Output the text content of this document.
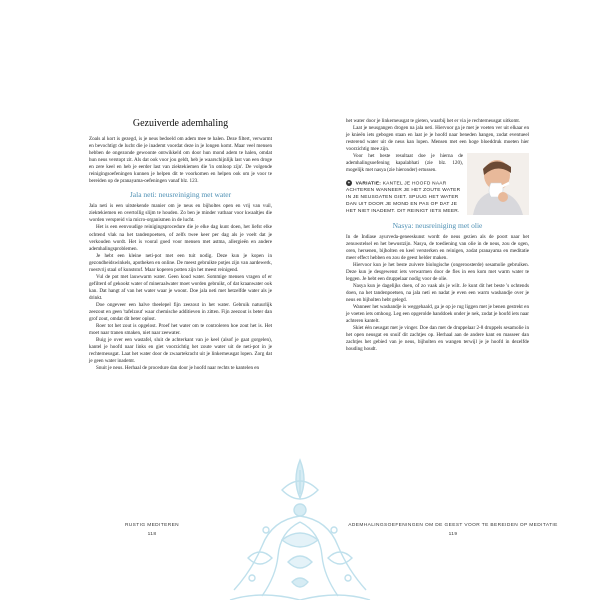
Gezuiverde ademhaling

Zoals al kort is gezegd, is je neus bedoeld om adem mee te halen. Deze filtert, verwarmt en bevochtigt de lucht die je inademt voordat deze in je longen komt. Maar veel mensen hebben de ongezonde gewoonte ontwikkeld om door hun mond adem te halen, omdat hun neus verstopt zit. Als dat ook voor jou geldt, heb je waarschijnlijk last van een droge en zere keel en heb je eerder last van ziektekiemen die 'in omloop zijn'. De volgende reinigingsoefeningen kunnen je helpen dit te voorkomen en helpen ook om je voor te bereiden op de pranayama-oefeningen vanaf blz. 123.

Jala neti: neusreiniging met water

Jala neti is een uitstekende manier om je neus en bijholtes open en vrij van vuil, ziektekiemen en overtollig slijm te houden. Zo ben je minder vatbaar voor kwaaltjes die worden verspreid via micro-organismen in de lucht.

Het is een eenvoudige reinigingsprocedure die je elke dag kunt doen, het liefst elke ochtend vlak na het tandenpoetsen, of zelfs twee keer per dag als je voelt dat je verkouden wordt. Het is vooral goed voor mensen met astma, allergieën en andere ademhalingsproblemen.

Je hebt een kleine neti-pot met een tuit nodig. Deze kun je kopen in gezondheidswinkels, apotheken en online. De meest gebruikte potjes zijn van aardewerk, roestvrij staal of kunststof. Maar koperen potten zijn het meest reinigend.

Vul de pot met lauwwarm water. Geen koud water. Sommige mensen vragen of er gefilterd of gekookt water of mineraalwater moet worden gebruikt, of dat kraanwater ook kan. Dat hangt af van het water waar je woont. Doe jala neti met hetzelfde water als je drinkt.

Doe ongeveer een halve theelepel fijn zeezout in het water. Gebruik natuurlijk zeezout en geen 'tafelzout' waar chemische additieven in zitten. Fijn zeezout is beter dan grof zout, omdat dit beter oplost.

Roer tot het zout is opgelost. Proef het water om te controleren hoe zout het is. Het moet naar tranen smaken, niet naar zeewater.

Buig je over een wastafel, sluit de achterkant van je keel (alsof je gaat gorgelen), kantel je hoofd naar links en giet voorzichtig het zoute water uit de neti-pot in je rechterneusgat. Laat het water door de zwaartekracht uit je linkerneusgat lopen. Zorg dat je geen water inademt.

Snuit je neus. Herhaal de procedure dan door je hoofd naar rechts te kantelen en

RUSTIG MEDITEREN
118

het water door je linkerneusgat te gieten, waarbij het er via je rechterneusgat uitkomt.

Laat je neusgangen drogen na jala neti. Hiervoor ga je met je voeten ver uit elkaar en je knieën iets gebogen staan en laat je je hoofd naar beneden hangen, zodat eventueel resterend water uit de neus kan lopen. Mensen met een hoge bloeddruk moeten hier voorzichtig mee zijn.

Voor het beste resultaat doe je hierna de ademhalingsoefening kapalabhati (zie blz. 120), mogelijk met nasya (zie hieronder) ertussen.

✦ VARIATIE: KANTEL JE HOOFD NAAR ACHTEREN WANNEER JE HET ZOUTE WATER IN JE NEUSGATEN GIET. SPUUG HET WATER DAN UIT DOOR JE MOND EN PAS OP DAT JE HET NIET INADEMT. DIT REINIGT IETS MEER.
Nasya: neusreiniging met olie

In de Indiase ayurveda-geneeskunst wordt de neus gezien als de poort naar het zenuwstelsel en het bewustzijn. Nasya, de toediening van olie in de neus, zou de ogen, oren, hersenen, bijholten en keel versterken en reinigen, zodat pranayama en meditatie meer effect hebben en zou de geest helder maken.

Hiervoor kun je het beste zuivere biologische (ongeroosterde) sesamolie gebruiken. Deze kun je desgewenst iets verwarmen door de fles in een kom met warm water te leggen. Je hebt een druppelaar nodig voor de olie.

Nasya kun je dagelijks doen, of zo vaak als je wilt. Je kunt dit het beste 's ochtends doen, na het tandenpoetsen, na jala neti en nadat je even een warm washandje over je neus en bijholten hebt gelegd.

Wanneer het washandje is weggehaald, ga je op je rug liggen met je benen gestrekt en je voeten iets omhoog. Leg een opgerolde handdoek onder je nek, zodat je hoofd iets naar achteren kantelt.

Skiet één neusgat met je vinger. Doe dan met de druppelaar 2-8 druppels sesamolie in het open neusgat en snuif dit zachtjes op. Herhaal aan de andere kant en masseer dan zachtjes het gebied van je neus, bijholten en wangen terwijl je je hoofd in dezelfde houding houdt.

ADEMHALINGSOEFENINGEN OM DE GEEST VOOR TE BEREIDEN OP MEDITATIE
119
